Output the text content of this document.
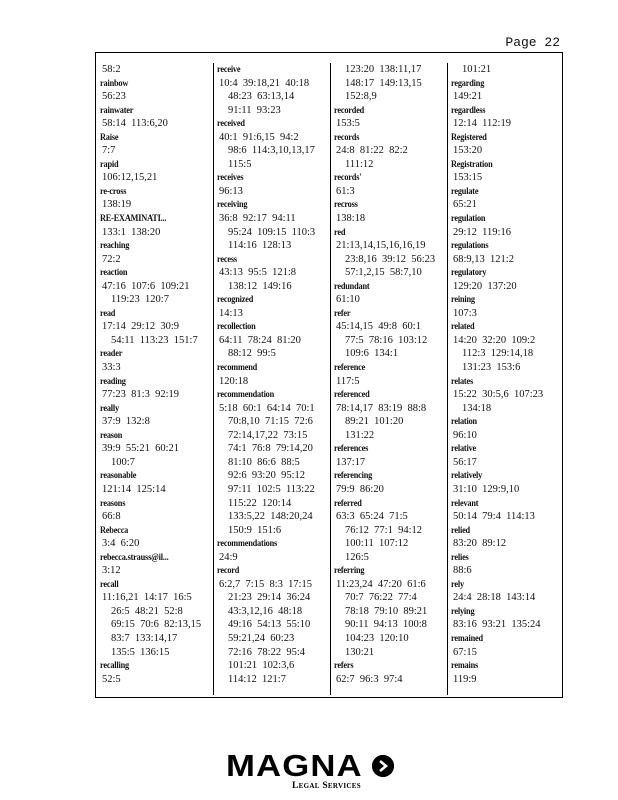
Page 22
58:2
rainbow
56:23
rainwater
58:14  113:6,20
Raise
7:7
rapid
106:12,15,21
re-cross
138:19
RE-EXAMINATI...
133:1  138:20
reaching
72:2
reaction
47:16  107:6  109:21
119:23  120:7
read
17:14  29:12  30:9
54:11  113:23  151:7
reader
33:3
reading
77:23  81:3  92:19
really
37:9  132:8
reason
39:9  55:21  60:21
100:7
reasonable
121:14  125:14
reasons
66:8
Rebecca
3:4  6:20
rebecca.strauss@il...
3:12
recall
11:16,21  14:17  16:5
26:5  48:21  52:8
69:15  70:6  82:13,15
83:7  133:14,17
135:5  136:15
recalling
52:5
receive
10:4  39:18,21  40:18
48:23  63:13,14
91:11  93:23
received
40:1  91:6,15  94:2
98:6  114:3,10,13,17
115:5
receives
96:13
receiving
36:8  92:17  94:11
95:24  109:15  110:3
114:16  128:13
recess
43:13  95:5  121:8
138:12  149:16
recognized
14:13
recollection
64:11  78:24  81:20
88:12  99:5
recommend
120:18
recommendation
5:18  60:1  64:14  70:1
70:8,10  71:15  72:6
72:14,17,22  73:15
74:1  76:8  79:14,20
81:10  86:6  88:5
92:6  93:20  95:12
97:11  102:5  113:22
115:22  120:14
133:5,22  148:20,24
150:9  151:6
recommendations
24:9
record
6:2,7  7:15  8:3  17:15
21:23  29:14  36:24
43:3,12,16  48:18
49:16  54:13  55:10
59:21,24  60:23
72:16  78:22  95:4
101:21  102:3,6
114:12  121:7
123:20  138:11,17
148:17  149:13,15
152:8,9
recorded
153:5
records
24:8  81:22  82:2
111:12
records'
61:3
recross
138:18
red
21:13,14,15,16,16,19
23:8,16  39:12  56:23
57:1,2,15  58:7,10
redundant
61:10
refer
45:14,15  49:8  60:1
77:5  78:16  103:12
109:6  134:1
reference
117:5
referenced
78:14,17  83:19  88:8
89:21  101:20
131:22
references
137:17
referencing
79:9  86:20
referred
63:3  65:24  71:5
76:12  77:1  94:12
100:11  107:12
126:5
referring
11:23,24  47:20  61:6
70:7  76:22  77:4
78:18  79:10  89:21
90:11  94:13  100:8
104:23  120:10
130:21
refers
62:7  96:3  97:4
101:21
regarding
149:21
regardless
12:14  112:19
Registered
153:20
Registration
153:15
regulate
65:21
regulation
29:12  119:16
regulations
68:9,13  121:2
regulatory
129:20  137:20
reining
107:3
related
14:20  32:20  109:2
112:3  129:14,18
131:23  153:6
relates
15:22  30:5,6  107:23
134:18
relation
96:10
relative
56:17
relatively
31:10  129:9,10
relevant
50:14  79:4  114:13
relied
83:20  89:12
relies
88:6
rely
24:4  28:18  143:14
relying
83:16  93:21  135:24
remained
67:15
remains
119:9
MAGNA
Legal Services
